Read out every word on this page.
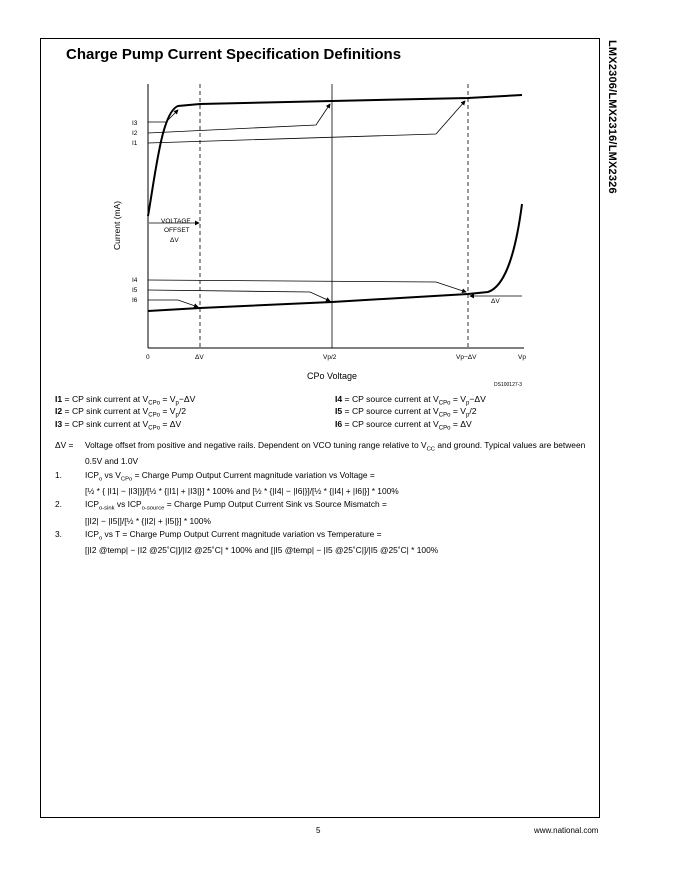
LMX2306/LMX2316/LMX2326
Charge Pump Current Specification Definitions
I3
I2
I1
I4
I5
I6
0	ΔV	Vp/2	Vp−ΔV	Vp
VOLTAGE
OFFSET
ΔV
ΔV
DS100127-3
CPo Voltage
Current (mA)
I1 = CP sink current at $V_{CPo} = V_p-\Delta V$
I2 = CP sink current at $V_{CPo} = V_p/2$
I3 = CP sink current at $V_{CPo} = \Delta V$
I4 = CP source current at $V_{CPo} = V_p-\Delta V$
I5 = CP source current at $V_{CPo} = V_p/2$
I6 = CP source current at $V_{CPo} = \Delta V$
ΔV =	Voltage offset from positive and negative rails. Dependent on VCO tuning range relative to $V_{CC}$ and ground. Typical values are between 0.5V and 1.0V
1.	$ICP_o$ vs $V_{CPo}$ = Charge Pump Output Current magnitude variation vs Voltage =
[½ * { |I1| − |I3|}]/[½ * {|I1| + |I3|}] * 100% and [½ * {|I4| − |I6|}]/[½ * {|I4| + |I6|}] * 100%
2.	$ICP_{o-sink}$ vs $ICP_{o-source}$ = Charge Pump Output Current Sink vs Source Mismatch =
[|I2| − |I5|]/[½ * {|I2| + |I5|}] * 100%
3.	$ICP_o$ vs T = Charge Pump Output Current magnitude variation vs Temperature =
[|I2 @temp| − |I2 @25˚C|]/|I2 @25˚C| * 100% and [|I5 @temp| − |I5 @25˚C|]/|I5 @25˚C| * 100%
5	www.national.com
